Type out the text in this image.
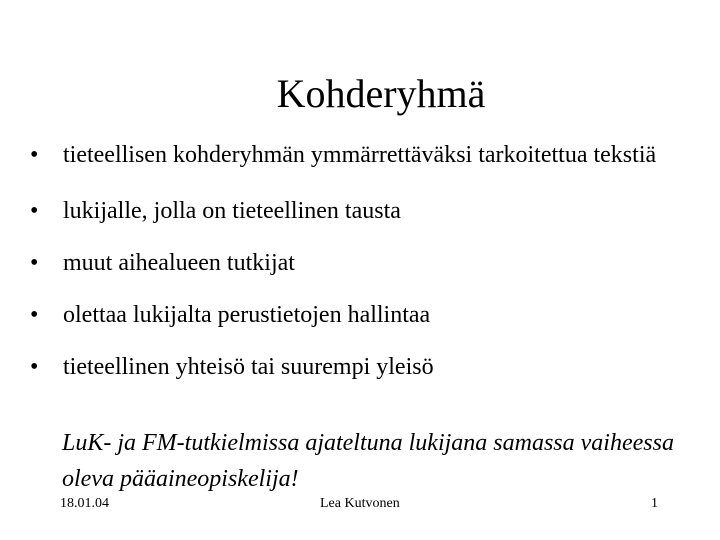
Kohderyhmä
• tieteellisen kohderyhmän ymmärrettäväksi tarkoitettua tekstiä
• lukijalle, jolla on tieteellinen tausta
• muut aihealueen tutkijat
• olettaa lukijalta perustietojen hallintaa
• tieteellinen yhteisö tai suurempi yleisö
LuK- ja FM-tutkielmissa ajateltuna lukijana samassa vaiheessa oleva pääaineopiskelija!
18.01.04	Lea Kutvonen	1
